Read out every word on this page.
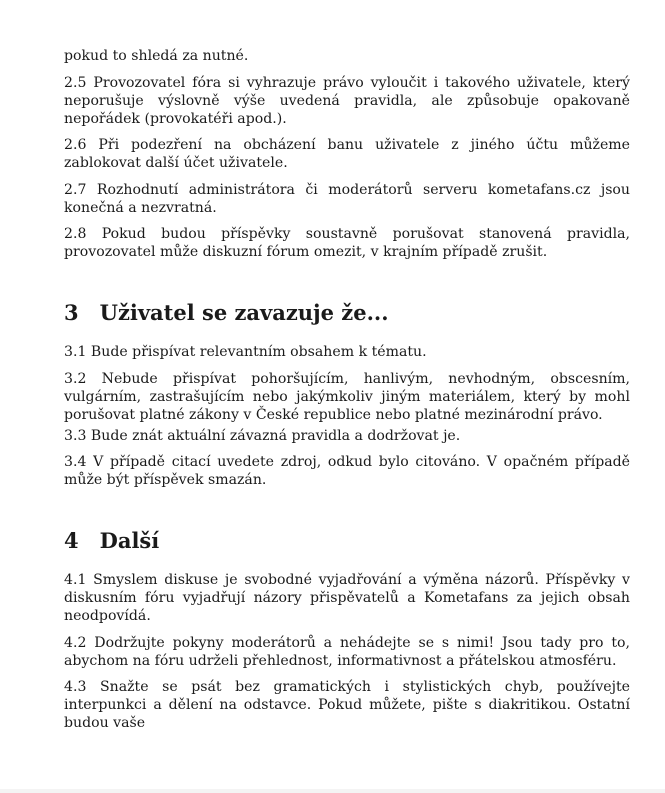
pokud to shledá za nutné.

2.5 Provozovatel fóra si vyhrazuje právo vyloučit i takového uživatele, který neporušuje výslovně výše uvedená pravidla, ale způsobuje opakovaně nepořádek (provokatéři apod.).

2.6 Při podezření na obcházení banu uživatele z jiného účtu můžeme zablokovat další účet uživatele.

2.7 Rozhodnutí administrátora či moderátorů serveru kometafans.cz jsou konečná a nezvratná.

2.8 Pokud budou příspěvky soustavně porušovat stanovená pravidla, provozovatel může diskuzní fórum omezit, v krajním případě zrušit.

3 Uživatel se zavazuje že...

3.1 Bude přispívat relevantním obsahem k tématu.

3.2 Nebude přispívat pohoršujícím, hanlivým, nevhodným, obscesním, vulgárním, zastrašujícím nebo jakýmkoliv jiným materiálem, který by mohl porušovat platné zákony v České republice nebo platné mezinárodní právo.

3.3 Bude znát aktuální závazná pravidla a dodržovat je.

3.4 V případě citací uvedete zdroj, odkud bylo citováno. V opačném případě může být příspěvek smazán.

4 Další

4.1 Smyslem diskuse je svobodné vyjadřování a výměna názorů. Příspěvky v diskusním fóru vyjadřují názory přispěvatelů a Kometafans za jejich obsah neodpovídá.

4.2 Dodržujte pokyny moderátorů a nehádejte se s nimi! Jsou tady pro to, abychom na fóru udrželi přehlednost, informativnost a přátelskou atmosféru.

4.3 Snažte se psát bez gramatických i stylistických chyb, používejte interpunkci a dělení na odstavce. Pokud můžete, pište s diakritikou. Ostatní budou vaše
